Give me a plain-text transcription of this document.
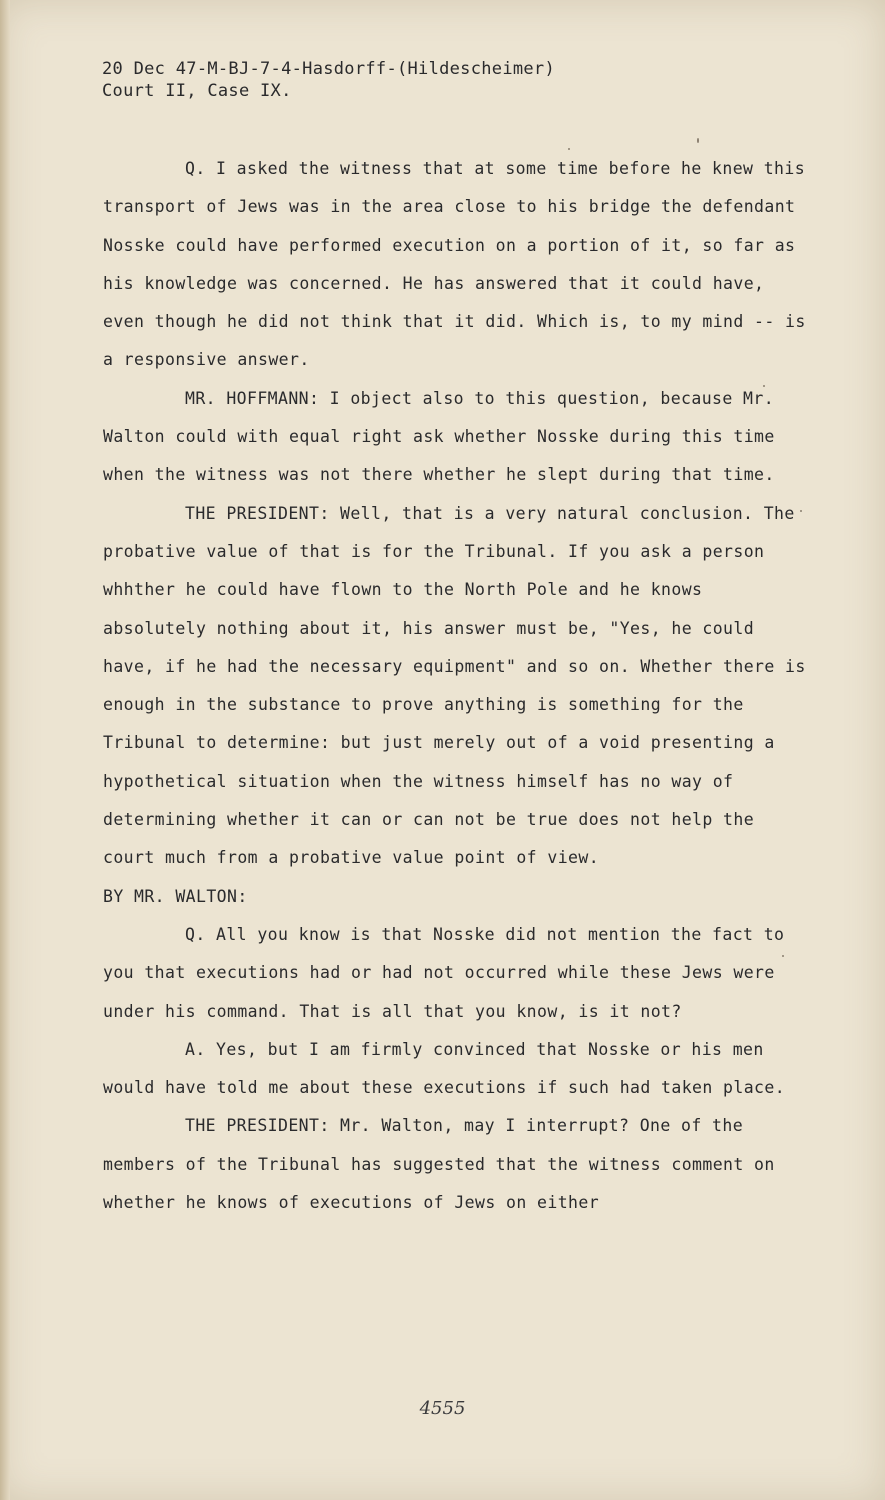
20 Dec 47-M-BJ-7-4-Hasdorff-(Hildescheimer)
Court II, Case IX.

Q. I asked the witness that at some time before he knew this transport of Jews was in the area close to his bridge the defendant Nosske could have performed execution on a portion of it, so far as his knowledge was concerned. He has answered that it could have, even though he did not think that it did. Which is, to my mind -- is a responsive answer.

MR. HOFFMANN: I object also to this question, because Mr. Walton could with equal right ask whether Nosske during this time when the witness was not there whether he slept during that time.

THE PRESIDENT: Well, that is a very natural conclusion. The probative value of that is for the Tribunal. If you ask a person whhther he could have flown to the North Pole and he knows absolutely nothing about it, his answer must be, "Yes, he could have, if he had the necessary equipment" and so on. Whether there is enough in the substance to prove anything is something for the Tribunal to determine: but just merely out of a void presenting a hypothetical situation when the witness himself has no way of determining whether it can or can not be true does not help the court much from a probative value point of view.

BY MR. WALTON:

Q. All you know is that Nosske did not mention the fact to you that executions had or had not occurred while these Jews were under his command. That is all that you know, is it not?

A. Yes, but I am firmly convinced that Nosske or his men would have told me about these executions if such had taken place.

THE PRESIDENT: Mr. Walton, may I interrupt? One of the members of the Tribunal has suggested that the witness comment on whether he knows of executions of Jews on either

4555
